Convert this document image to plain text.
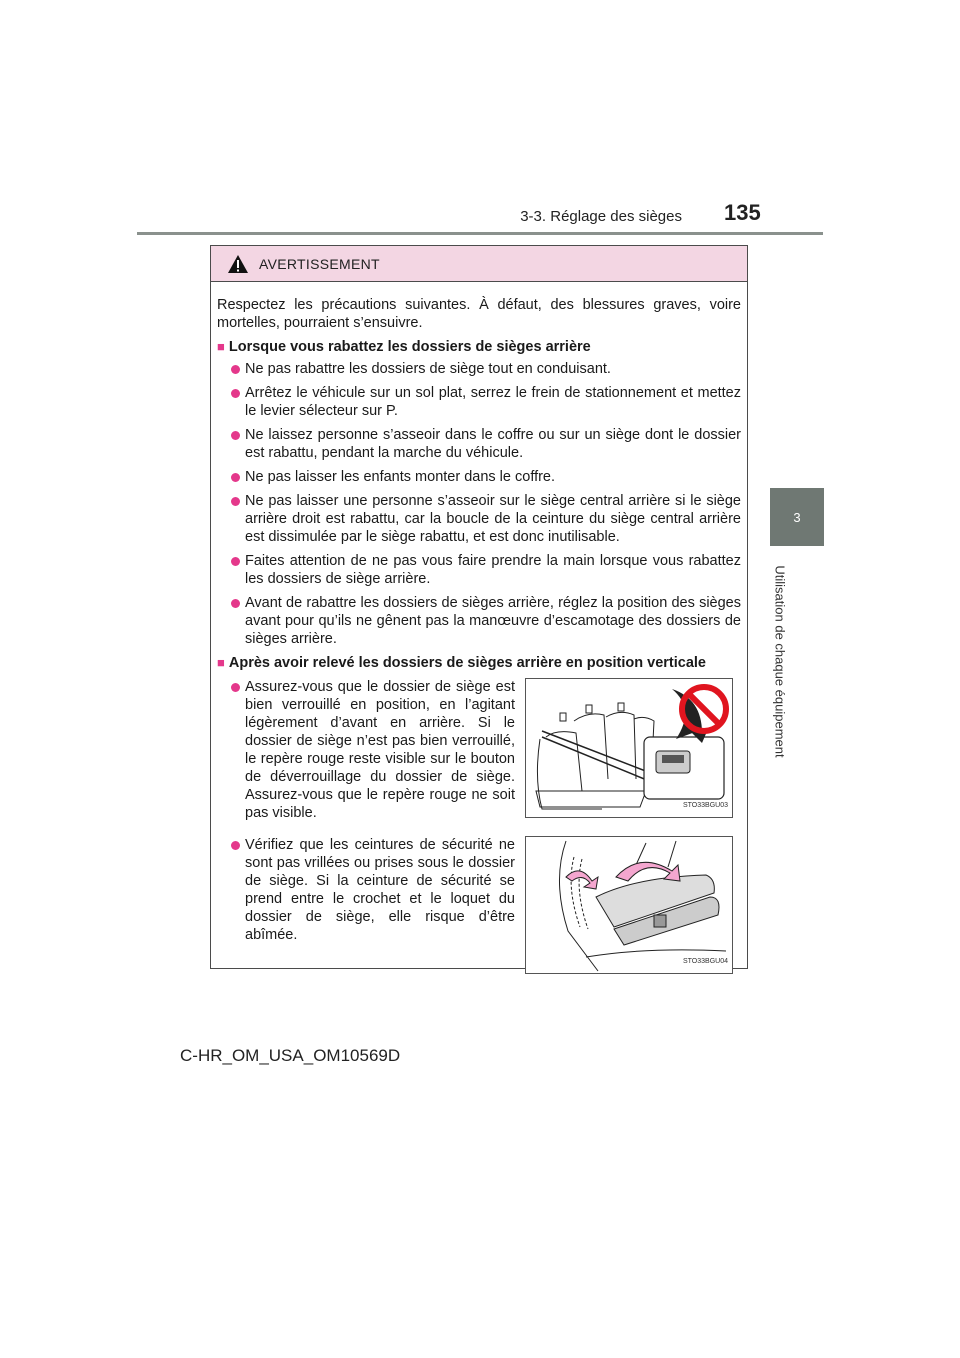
135
3-3. Réglage des sièges
3
Utilisation de chaque équipement
AVERTISSEMENT
Respectez les précautions suivantes. À défaut, des blessures graves, voire mortelles, pourraient s’ensuivre.
■ Lorsque vous rabattez les dossiers de sièges arrière
Ne pas rabattre les dossiers de siège tout en conduisant.
Arrêtez le véhicule sur un sol plat, serrez le frein de stationnement et mettez le levier sélecteur sur P.
Ne laissez personne s’asseoir dans le coffre ou sur un siège dont le dossier est rabattu, pendant la marche du véhicule.
Ne pas laisser les enfants monter dans le coffre.
Ne pas laisser une personne s’asseoir sur le siège central arrière si le siège arrière droit est rabattu, car la boucle de la ceinture du siège central arrière est dissimulée par le siège rabattu, et est donc inutilisable.
Faites attention de ne pas vous faire prendre la main lorsque vous rabattez les dossiers de siège arrière.
Avant de rabattre les dossiers de sièges arrière, réglez la position des sièges avant pour qu’ils ne gênent pas la manœuvre d’escamotage des dossiers de sièges arrière.
■ Après avoir relevé les dossiers de sièges arrière en position verticale
Assurez-vous que le dossier de siège est bien verrouillé en position, en l’agitant légèrement d’avant en arrière. Si le dossier de siège n’est pas bien verrouillé, le repère rouge reste visible sur le bouton de déverrouillage du dossier de siège. Assurez-vous que le repère rouge ne soit pas visible.	STO33BGU03
Vérifiez que les ceintures de sécurité ne sont pas vrillées ou prises sous le dossier de siège. Si la ceinture de sécurité se prend entre le crochet et le loquet du dossier de siège, elle risque d’être abîmée.
STO33BGU04
C-HR_OM_USA_OM10569D
